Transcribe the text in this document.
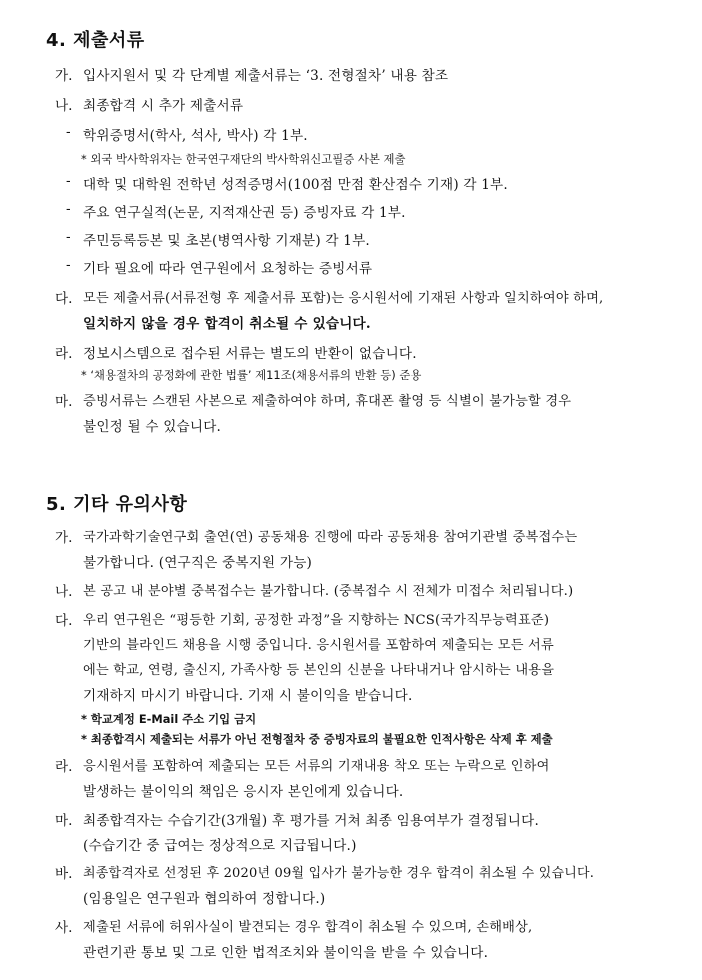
4. 제출서류
가. 입사지원서 및 각 단계별 제출서류는 ‘3. 전형절차’ 내용 참조
나. 최종합격 시 추가 제출서류
- 학위증명서(학사, 석사, 박사) 각 1부.
* 외국 박사학위자는 한국연구재단의 박사학위신고필증 사본 제출
- 대학 및 대학원 전학년 성적증명서(100점 만점 환산점수 기재) 각 1부.
- 주요 연구실적(논문, 지적재산권 등) 증빙자료 각 1부.
- 주민등록등본 및 초본(병역사항 기재분) 각 1부.
- 기타 필요에 따라 연구원에서 요청하는 증빙서류
다. 모든 제출서류(서류전형 후 제출서류 포함)는 응시원서에 기재된 사항과 일치하여야 하며,
일치하지 않을 경우 합격이 취소될 수 있습니다.
라. 정보시스템으로 접수된 서류는 별도의 반환이 없습니다.
* ‘채용절차의 공정화에 관한 법률’ 제11조(채용서류의 반환 등) 준용
마. 증빙서류는 스캔된 사본으로 제출하여야 하며, 휴대폰 촬영 등 식별이 불가능할 경우
불인정 될 수 있습니다.
5. 기타 유의사항
가. 국가과학기술연구회 출연(연) 공동채용 진행에 따라 공동채용 참여기관별 중복접수는
불가합니다. (연구직은 중복지원 가능)
나. 본 공고 내 분야별 중복접수는 불가합니다. (중복접수 시 전체가 미접수 처리됩니다.)
다. 우리 연구원은 “평등한 기회, 공정한 과정”을 지향하는 NCS(국가직무능력표준)
기반의 블라인드 채용을 시행 중입니다. 응시원서를 포함하여 제출되는 모든 서류
에는 학교, 연령, 출신지, 가족사항 등 본인의 신분을 나타내거나 암시하는 내용을
기재하지 마시기 바랍니다. 기재 시 불이익을 받습니다.
* 학교계정 E-Mail 주소 기입 금지
* 최종합격시 제출되는 서류가 아닌 전형절차 중 증빙자료의 불필요한 인적사항은 삭제 후 제출
라. 응시원서를 포함하여 제출되는 모든 서류의 기재내용 착오 또는 누락으로 인하여
발생하는 불이익의 책임은 응시자 본인에게 있습니다.
마. 최종합격자는 수습기간(3개월) 후 평가를 거쳐 최종 임용여부가 결정됩니다.
(수습기간 중 급여는 정상적으로 지급됩니다.)
바. 최종합격자로 선정된 후 2020년 09월 입사가 불가능한 경우 합격이 취소될 수 있습니다.
(임용일은 연구원과 협의하여 정합니다.)
사. 제출된 서류에 허위사실이 발견되는 경우 합격이 취소될 수 있으며, 손해배상,
관련기관 통보 및 그로 인한 법적조치와 불이익을 받을 수 있습니다.
